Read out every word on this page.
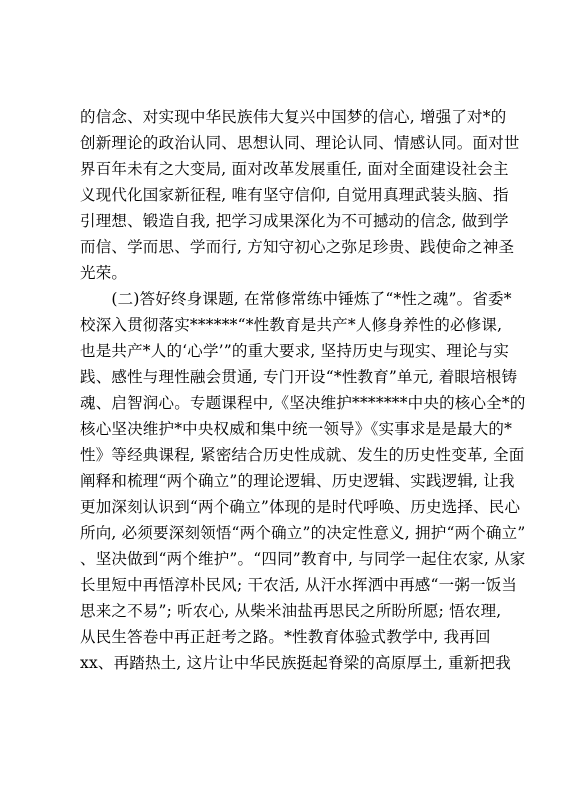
的信念、对实现中华民族伟大复兴中国梦的信心, 增强了对*的
创新理论的政治认同、思想认同、理论认同、情感认同。面对世
界百年未有之大变局, 面对改革发展重任, 面对全面建设社会主
义现代化国家新征程, 唯有坚守信仰, 自觉用真理武装头脑、指
引理想、锻造自我, 把学习成果深化为不可撼动的信念, 做到学
而信、学而思、学而行, 方知守初心之弥足珍贵、践使命之神圣
光荣。
　　(二)答好终身课题, 在常修常练中锤炼了“*性之魂”。省委*
校深入贯彻落实******“*性教育是共产*人修身养性的必修课,
也是共产*人的‘心学’”的重大要求, 坚持历史与现实、理论与实
践、感性与理性融会贯通, 专门开设“*性教育”单元, 着眼培根铸
魂、启智润心。专题课程中,《坚决维护*******中央的核心全*的
核心坚决维护*中央权威和集中统一领导》《实事求是是最大的*
性》等经典课程, 紧密结合历史性成就、发生的历史性变革, 全面
阐释和梳理“两个确立”的理论逻辑、历史逻辑、实践逻辑, 让我
更加深刻认识到“两个确立”体现的是时代呼唤、历史选择、民心
所向, 必须要深刻领悟“两个确立”的决定性意义, 拥护“两个确立”
、坚决做到“两个维护”。“四同”教育中, 与同学一起住农家, 从家
长里短中再悟淳朴民风; 干农活, 从汗水挥洒中再感“一粥一饭当
思来之不易”; 听农心, 从柴米油盐再思民之所盼所愿; 悟农理,
从民生答卷中再正赶考之路。*性教育体验式教学中, 我再回
xx、再踏热土, 这片让中华民族挺起脊梁的高原厚土, 重新把我
